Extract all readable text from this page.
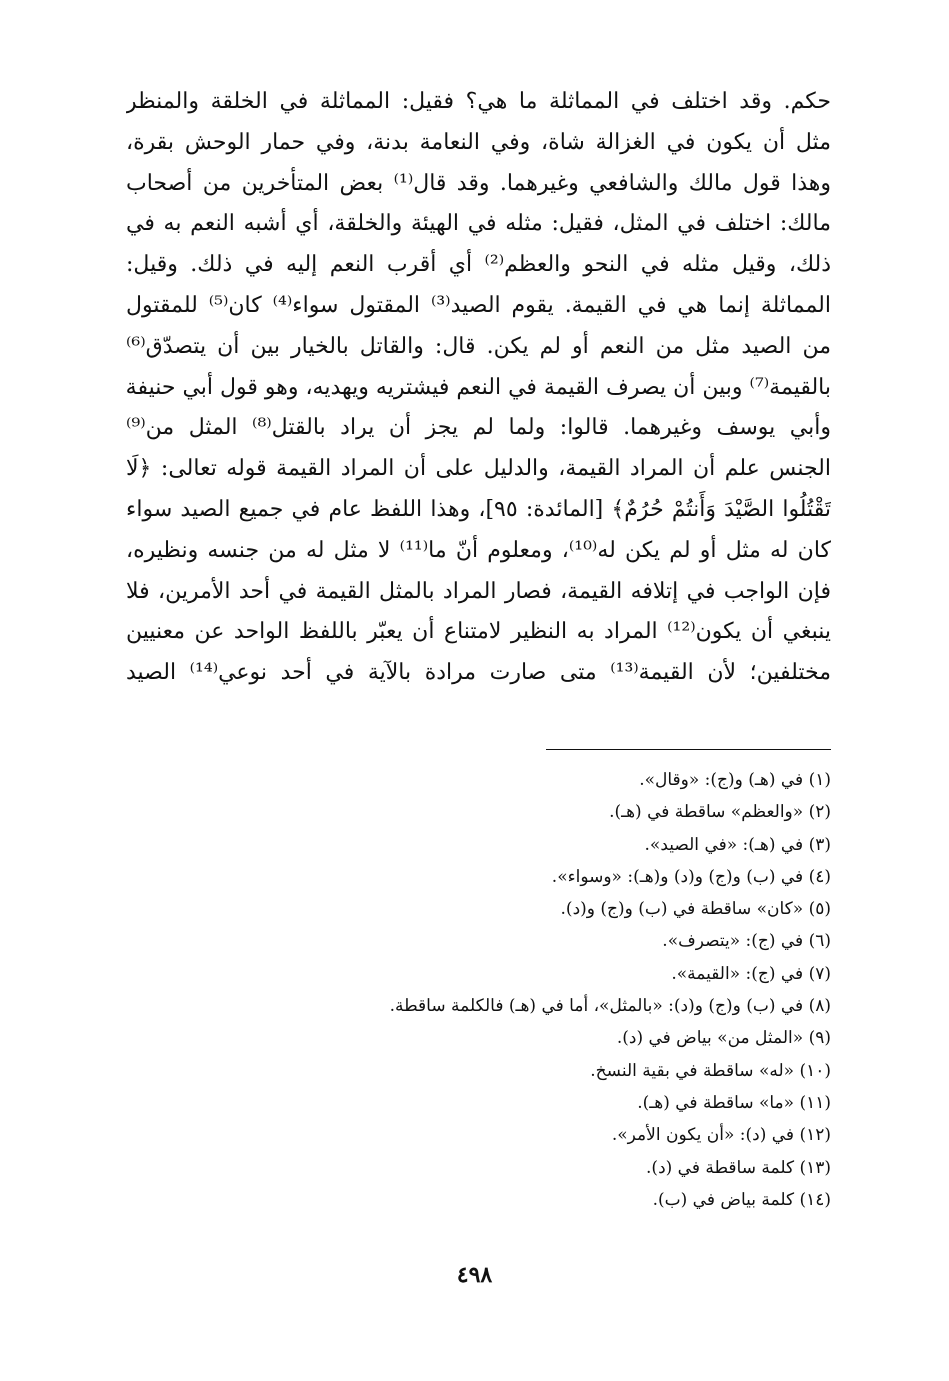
حكم. وقد اختلف في المماثلة ما هي؟ فقيل: المماثلة في الخلقة والمنظر
مثل أن يكون في الغزالة شاة، وفي النعامة بدنة، وفي حمار الوحش بقرة،
وهذا قول مالك والشافعي وغيرهما. وقد قال⁽¹⁾ بعض المتأخرين من أصحاب
مالك: اختلف في المثل، فقيل: مثله في الهيئة والخلقة، أي أشبه النعم به في
ذلك، وقيل مثله في النحو والعظم⁽²⁾ أي أقرب النعم إليه في ذلك. وقيل:
المماثلة إنما هي في القيمة. يقوم الصيد⁽³⁾ المقتول سواء⁽⁴⁾ كان⁽⁵⁾ للمقتول
من الصيد مثل من النعم أو لم يكن. قال: والقاتل بالخيار بين أن يتصدّق⁽⁶⁾
بالقيمة⁽⁷⁾ وبين أن يصرف القيمة في النعم فيشتريه ويهديه، وهو قول أبي حنيفة
وأبي يوسف وغيرهما. قالوا: ولما لم يجز أن يراد بالقتل⁽⁸⁾ المثل من⁽⁹⁾
الجنس علم أن المراد القيمة، والدليل على أن المراد القيمة قوله تعالى: ﴿لَا
تَقْتُلُوا الصَّيْدَ وَأَنتُمْ حُرُمٌ﴾ [المائدة: ٩٥]، وهذا اللفظ عام في جميع الصيد سواء
كان له مثل أو لم يكن له⁽¹⁰⁾، ومعلوم أنّ ما⁽¹¹⁾ لا مثل له من جنسه ونظيره،
فإن الواجب في إتلافه القيمة، فصار المراد بالمثل القيمة في أحد الأمرين، فلا
ينبغي أن يكون⁽¹²⁾ المراد به النظير لامتناع أن يعبّر باللفظ الواحد عن معنيين
مختلفين؛ لأن القيمة⁽¹³⁾ متى صارت مرادة بالآية في أحد نوعي⁽¹⁴⁾ الصيد
(١) في (هـ) و(ج): «وقال».
(٢) «والعظم» ساقطة في (هـ).
(٣) في (هـ): «في الصيد».
(٤) في (ب) و(ج) و(د) و(هـ): «وسواء».
(٥) «كان» ساقطة في (ب) و(ج) و(د).
(٦) في (ج): «يتصرف».
(٧) في (ج): «القيمة».
(٨) في (ب) و(ج) و(د): «بالمثل»، أما في (هـ) فالكلمة ساقطة.
(٩) «المثل من» بياض في (د).
(١٠) «له» ساقطة في بقية النسخ.
(١١) «ما» ساقطة في (هـ).
(١٢) في (د): «أن يكون الأمر».
(١٣) كلمة ساقطة في (د).
(١٤) كلمة بياض في (ب).
٤٩٨
